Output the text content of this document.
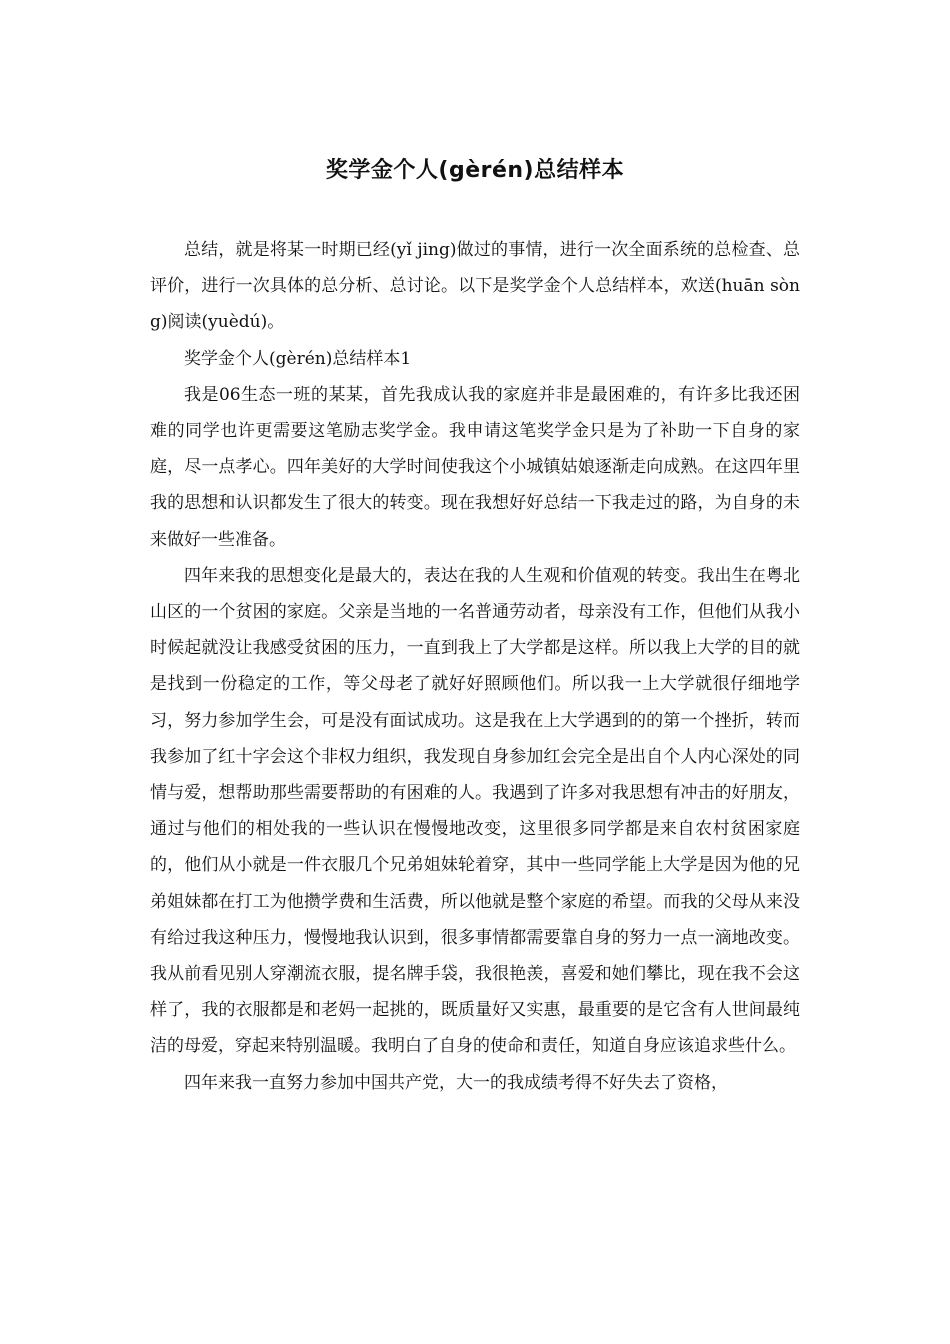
奖学金个人(gèrén)总结样本

总结，就是将某一时期已经(yǐ jing)做过的事情，进行一次全面系统的总检查、总评价，进行一次具体的总分析、总讨论。以下是奖学金个人总结样本，欢送(huān sòng)阅读(yuèdú)。

奖学金个人(gèrén)总结样本1

我是06生态一班的某某，首先我成认我的家庭并非是最困难的，有许多比我还困难的同学也许更需要这笔励志奖学金。我申请这笔奖学金只是为了补助一下自身的家庭，尽一点孝心。四年美好的大学时间使我这个小城镇姑娘逐渐走向成熟。在这四年里我的思想和认识都发生了很大的转变。现在我想好好总结一下我走过的路，为自身的未来做好一些准备。

四年来我的思想变化是最大的，表达在我的人生观和价值观的转变。我出生在粤北山区的一个贫困的家庭。父亲是当地的一名普通劳动者，母亲没有工作，但他们从我小时候起就没让我感受贫困的压力，一直到我上了大学都是这样。所以我上大学的目的就是找到一份稳定的工作，等父母老了就好好照顾他们。所以我一上大学就很仔细地学习，努力参加学生会，可是没有面试成功。这是我在上大学遇到的的第一个挫折，转而我参加了红十字会这个非权力组织，我发现自身参加红会完全是出自个人内心深处的同情与爱，想帮助那些需要帮助的有困难的人。我遇到了许多对我思想有冲击的好朋友，通过与他们的相处我的一些认识在慢慢地改变，这里很多同学都是来自农村贫困家庭的，他们从小就是一件衣服几个兄弟姐妹轮着穿，其中一些同学能上大学是因为他的兄弟姐妹都在打工为他攒学费和生活费，所以他就是整个家庭的希望。而我的父母从来没有给过我这种压力，慢慢地我认识到，很多事情都需要靠自身的努力一点一滴地改变。我从前看见别人穿潮流衣服，提名牌手袋，我很艳羡，喜爱和她们攀比，现在我不会这样了，我的衣服都是和老妈一起挑的，既质量好又实惠，最重要的是它含有人世间最纯洁的母爱，穿起来特别温暖。我明白了自身的使命和责任，知道自身应该追求些什么。

四年来我一直努力参加中国共产党，大一的我成绩考得不好失去了资格，
